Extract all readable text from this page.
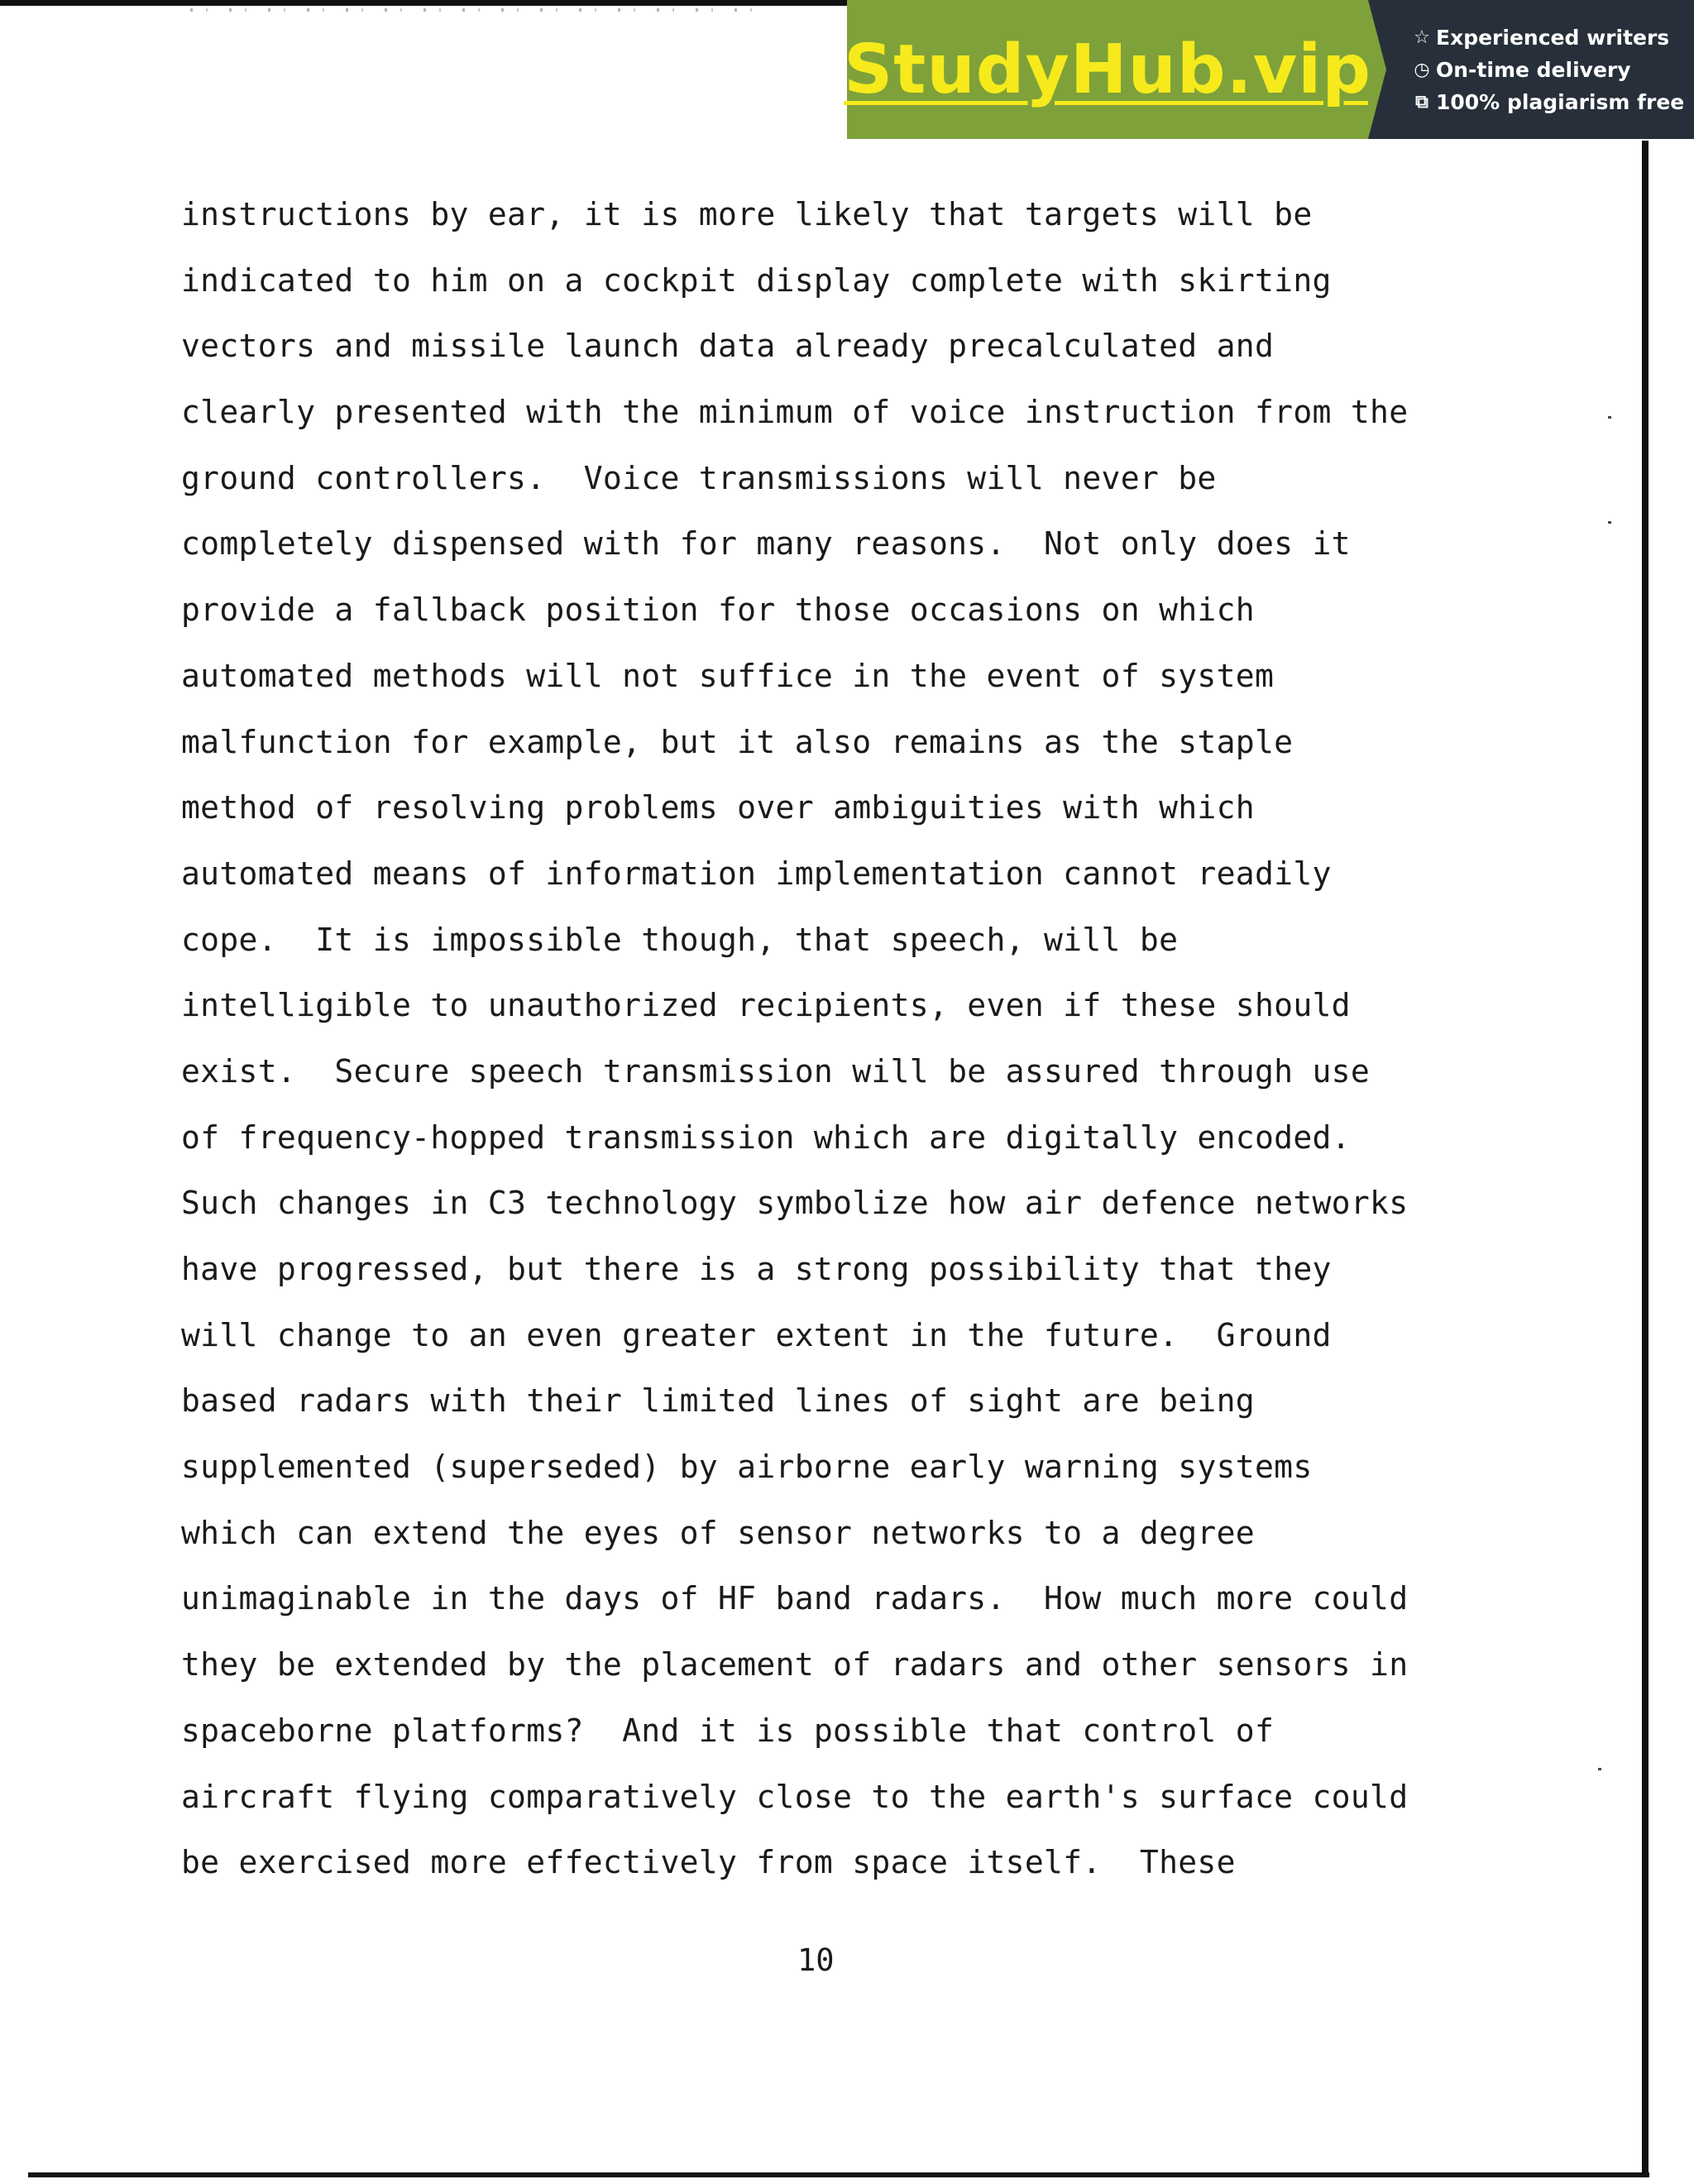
StudyHub.vip ☆ Experienced writers
◷ On-time delivery
⧉ 100% plagiarism free
instructions by ear, it is more likely that targets will be
indicated to him on a cockpit display complete with skirting
vectors and missile launch data already precalculated and
clearly presented with the minimum of voice instruction from the
ground controllers.  Voice transmissions will never be
completely dispensed with for many reasons.  Not only does it
provide a fallback position for those occasions on which
automated methods will not suffice in the event of system
malfunction for example, but it also remains as the staple
method of resolving problems over ambiguities with which
automated means of information implementation cannot readily
cope.  It is impossible though, that speech, will be
intelligible to unauthorized recipients, even if these should
exist.  Secure speech transmission will be assured through use
of frequency-hopped transmission which are digitally encoded.
Such changes in C3 technology symbolize how air defence networks
have progressed, but there is a strong possibility that they
will change to an even greater extent in the future.  Ground
based radars with their limited lines of sight are being
supplemented (superseded) by airborne early warning systems
which can extend the eyes of sensor networks to a degree
unimaginable in the days of HF band radars.  How much more could
they be extended by the placement of radars and other sensors in
spaceborne platforms?  And it is possible that control of
aircraft flying comparatively close to the earth's surface could
be exercised more effectively from space itself.  These
10
